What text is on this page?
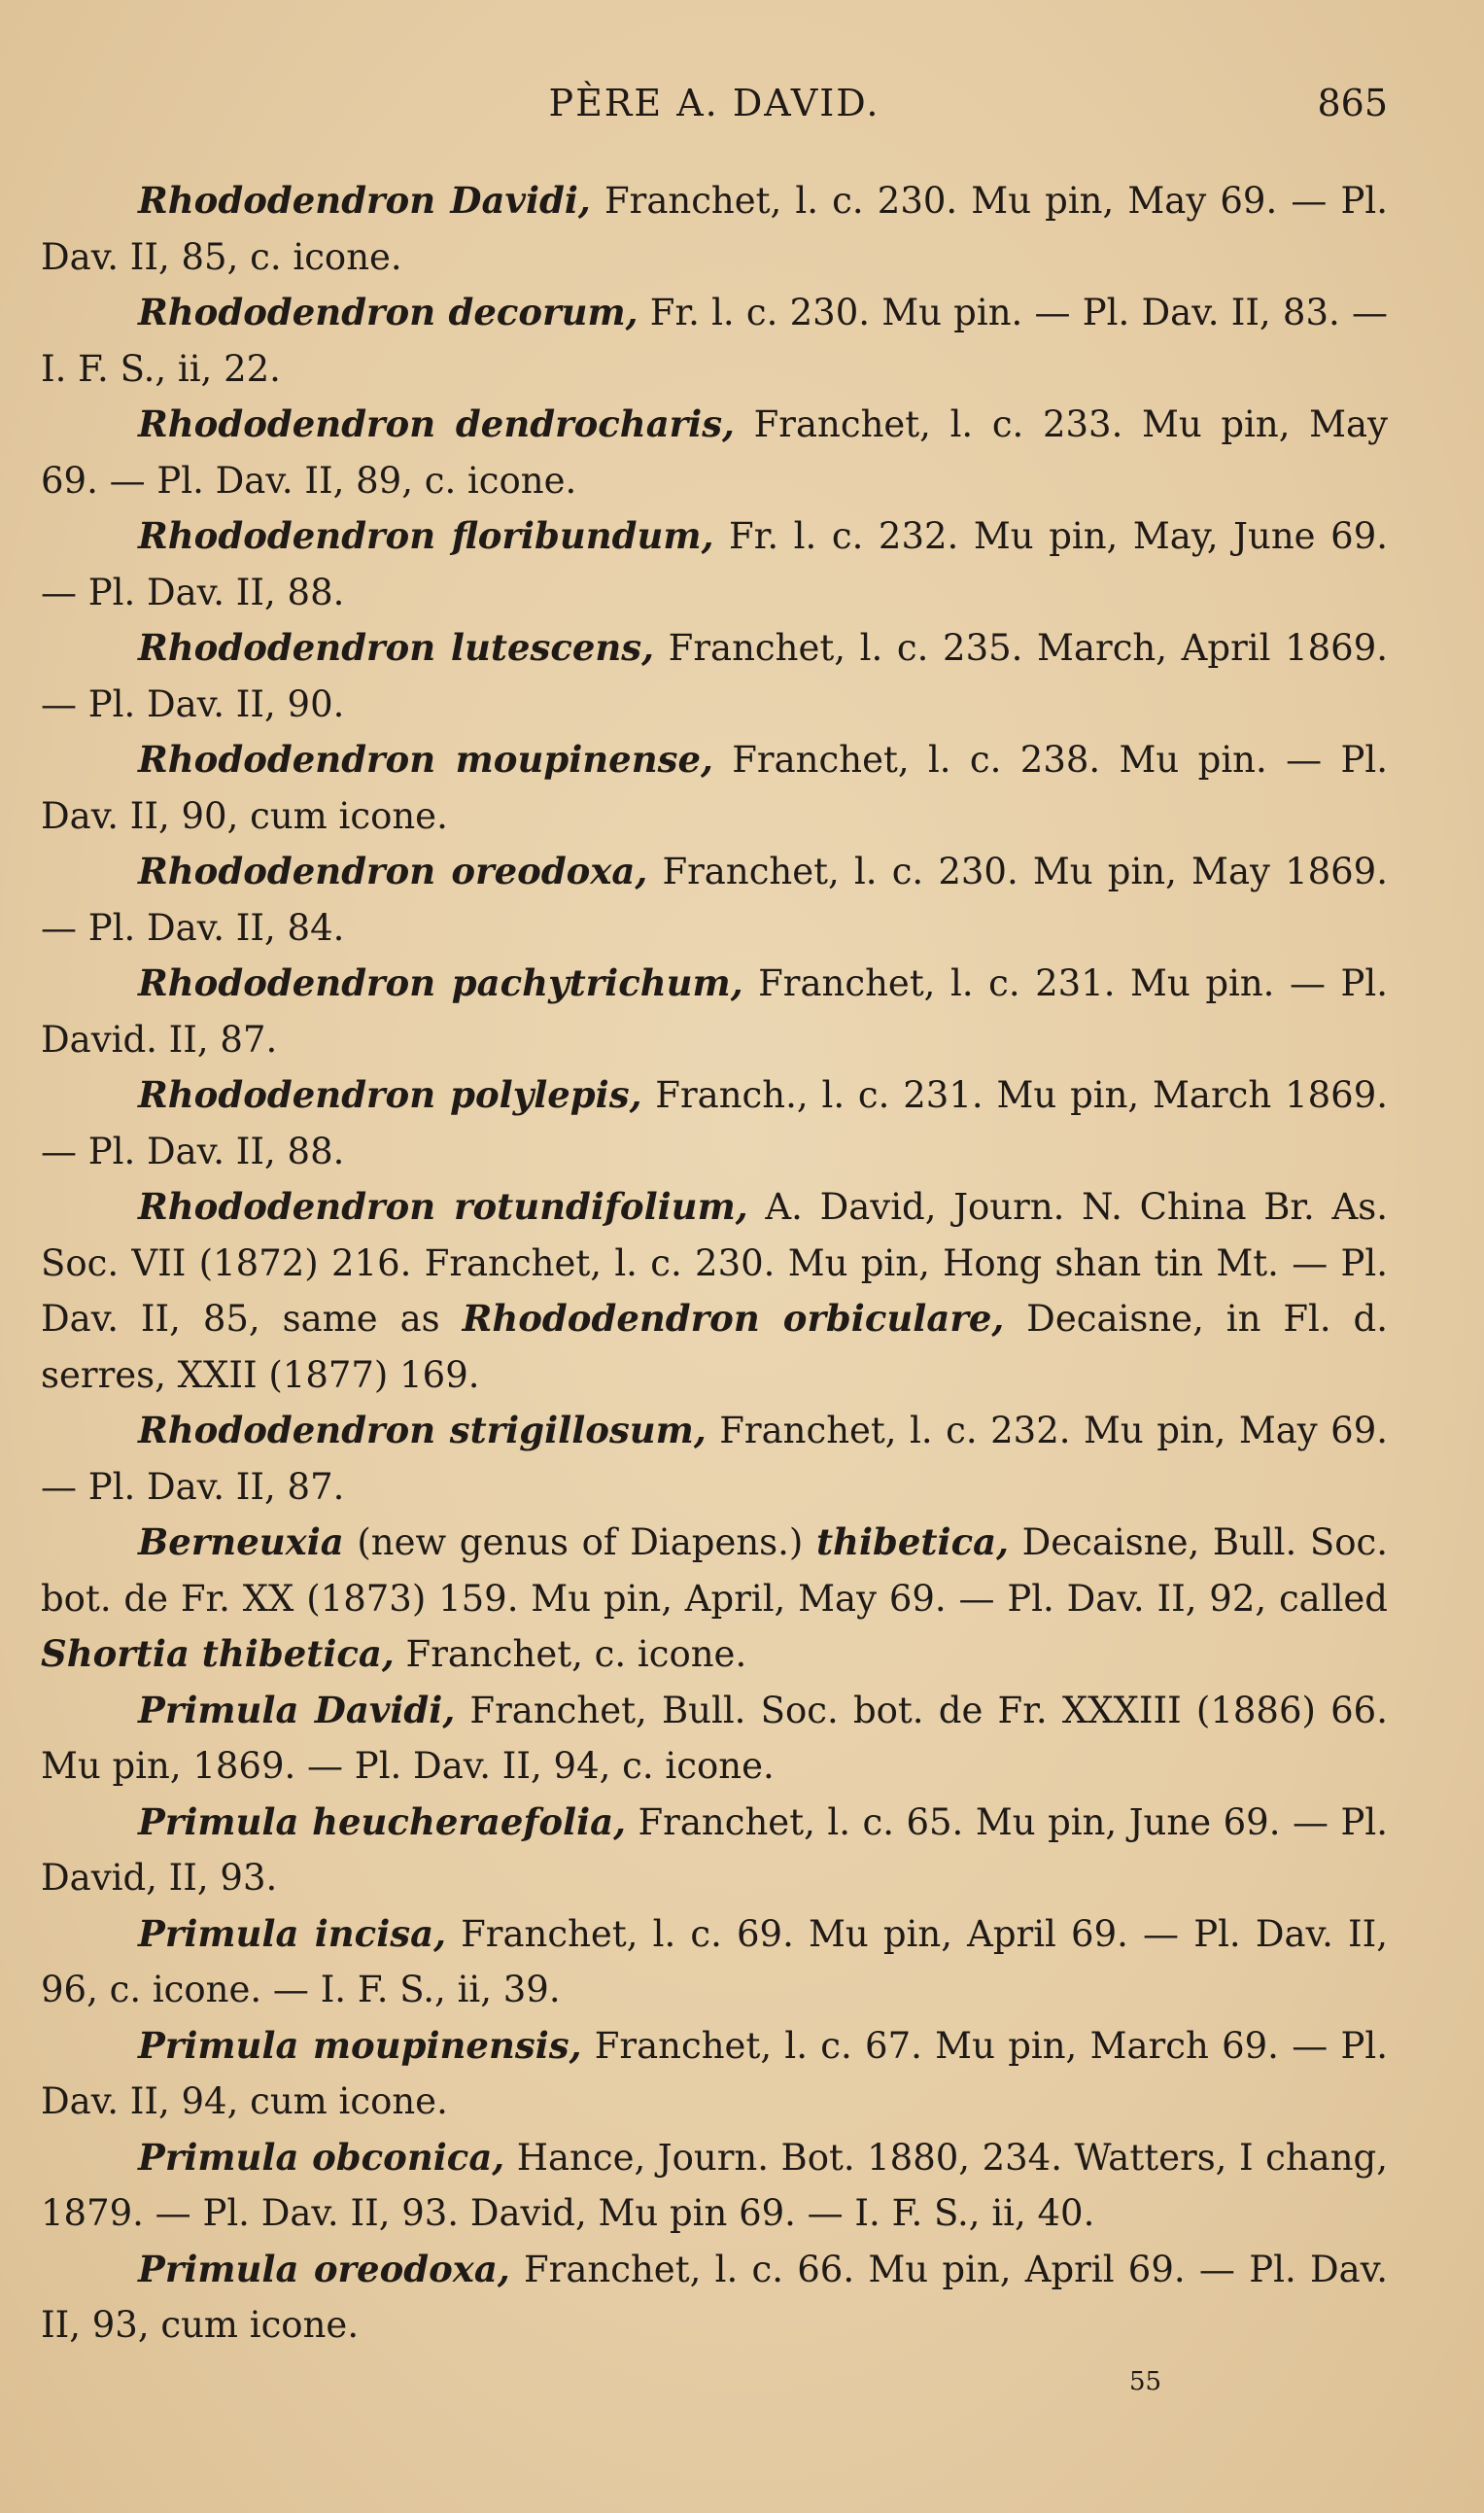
PÈRE A. DAVID.	865

Rhododendron Davidi, Franchet, l. c. 230. Mu pin, May 69. — Pl. Dav. II, 85, c. icone.

Rhododendron decorum, Fr. l. c. 230. Mu pin. — Pl. Dav. II, 83. — I. F. S., ii, 22.

Rhododendron dendrocharis, Franchet, l. c. 233. Mu pin, May 69. — Pl. Dav. II, 89, c. icone.

Rhododendron floribundum, Fr. l. c. 232. Mu pin, May, June 69. — Pl. Dav. II, 88.

Rhododendron lutescens, Franchet, l. c. 235. March, April 1869. — Pl. Dav. II, 90.

Rhododendron moupinense, Franchet, l. c. 238. Mu pin. — Pl. Dav. II, 90, cum icone.

Rhododendron oreodoxa, Franchet, l. c. 230. Mu pin, May 1869. — Pl. Dav. II, 84.

Rhododendron pachytrichum, Franchet, l. c. 231. Mu pin. — Pl. David. II, 87.

Rhododendron polylepis, Franch., l. c. 231. Mu pin, March 1869. — Pl. Dav. II, 88.

Rhododendron rotundifolium, A. David, Journ. N. China Br. As. Soc. VII (1872) 216. Franchet, l. c. 230. Mu pin, Hong shan tin Mt. — Pl. Dav. II, 85, same as Rhododendron orbiculare, Decaisne, in Fl. d. serres, XXII (1877) 169.

Rhododendron strigillosum, Franchet, l. c. 232. Mu pin, May 69. — Pl. Dav. II, 87.

Berneuxia (new genus of Diapens.) thibetica, Decaisne, Bull. Soc. bot. de Fr. XX (1873) 159. Mu pin, April, May 69. — Pl. Dav. II, 92, called Shortia thibetica, Franchet, c. icone.

Primula Davidi, Franchet, Bull. Soc. bot. de Fr. XXXIII (1886) 66. Mu pin, 1869. — Pl. Dav. II, 94, c. icone.

Primula heucheraefolia, Franchet, l. c. 65. Mu pin, June 69. — Pl. David, II, 93.

Primula incisa, Franchet, l. c. 69. Mu pin, April 69. — Pl. Dav. II, 96, c. icone. — I. F. S., ii, 39.

Primula moupinensis, Franchet, l. c. 67. Mu pin, March 69. — Pl. Dav. II, 94, cum icone.

Primula obconica, Hance, Journ. Bot. 1880, 234. Watters, I chang, 1879. — Pl. Dav. II, 93. David, Mu pin 69. — I. F. S., ii, 40.

Primula oreodoxa, Franchet, l. c. 66. Mu pin, April 69. — Pl. Dav. II, 93, cum icone.

55
